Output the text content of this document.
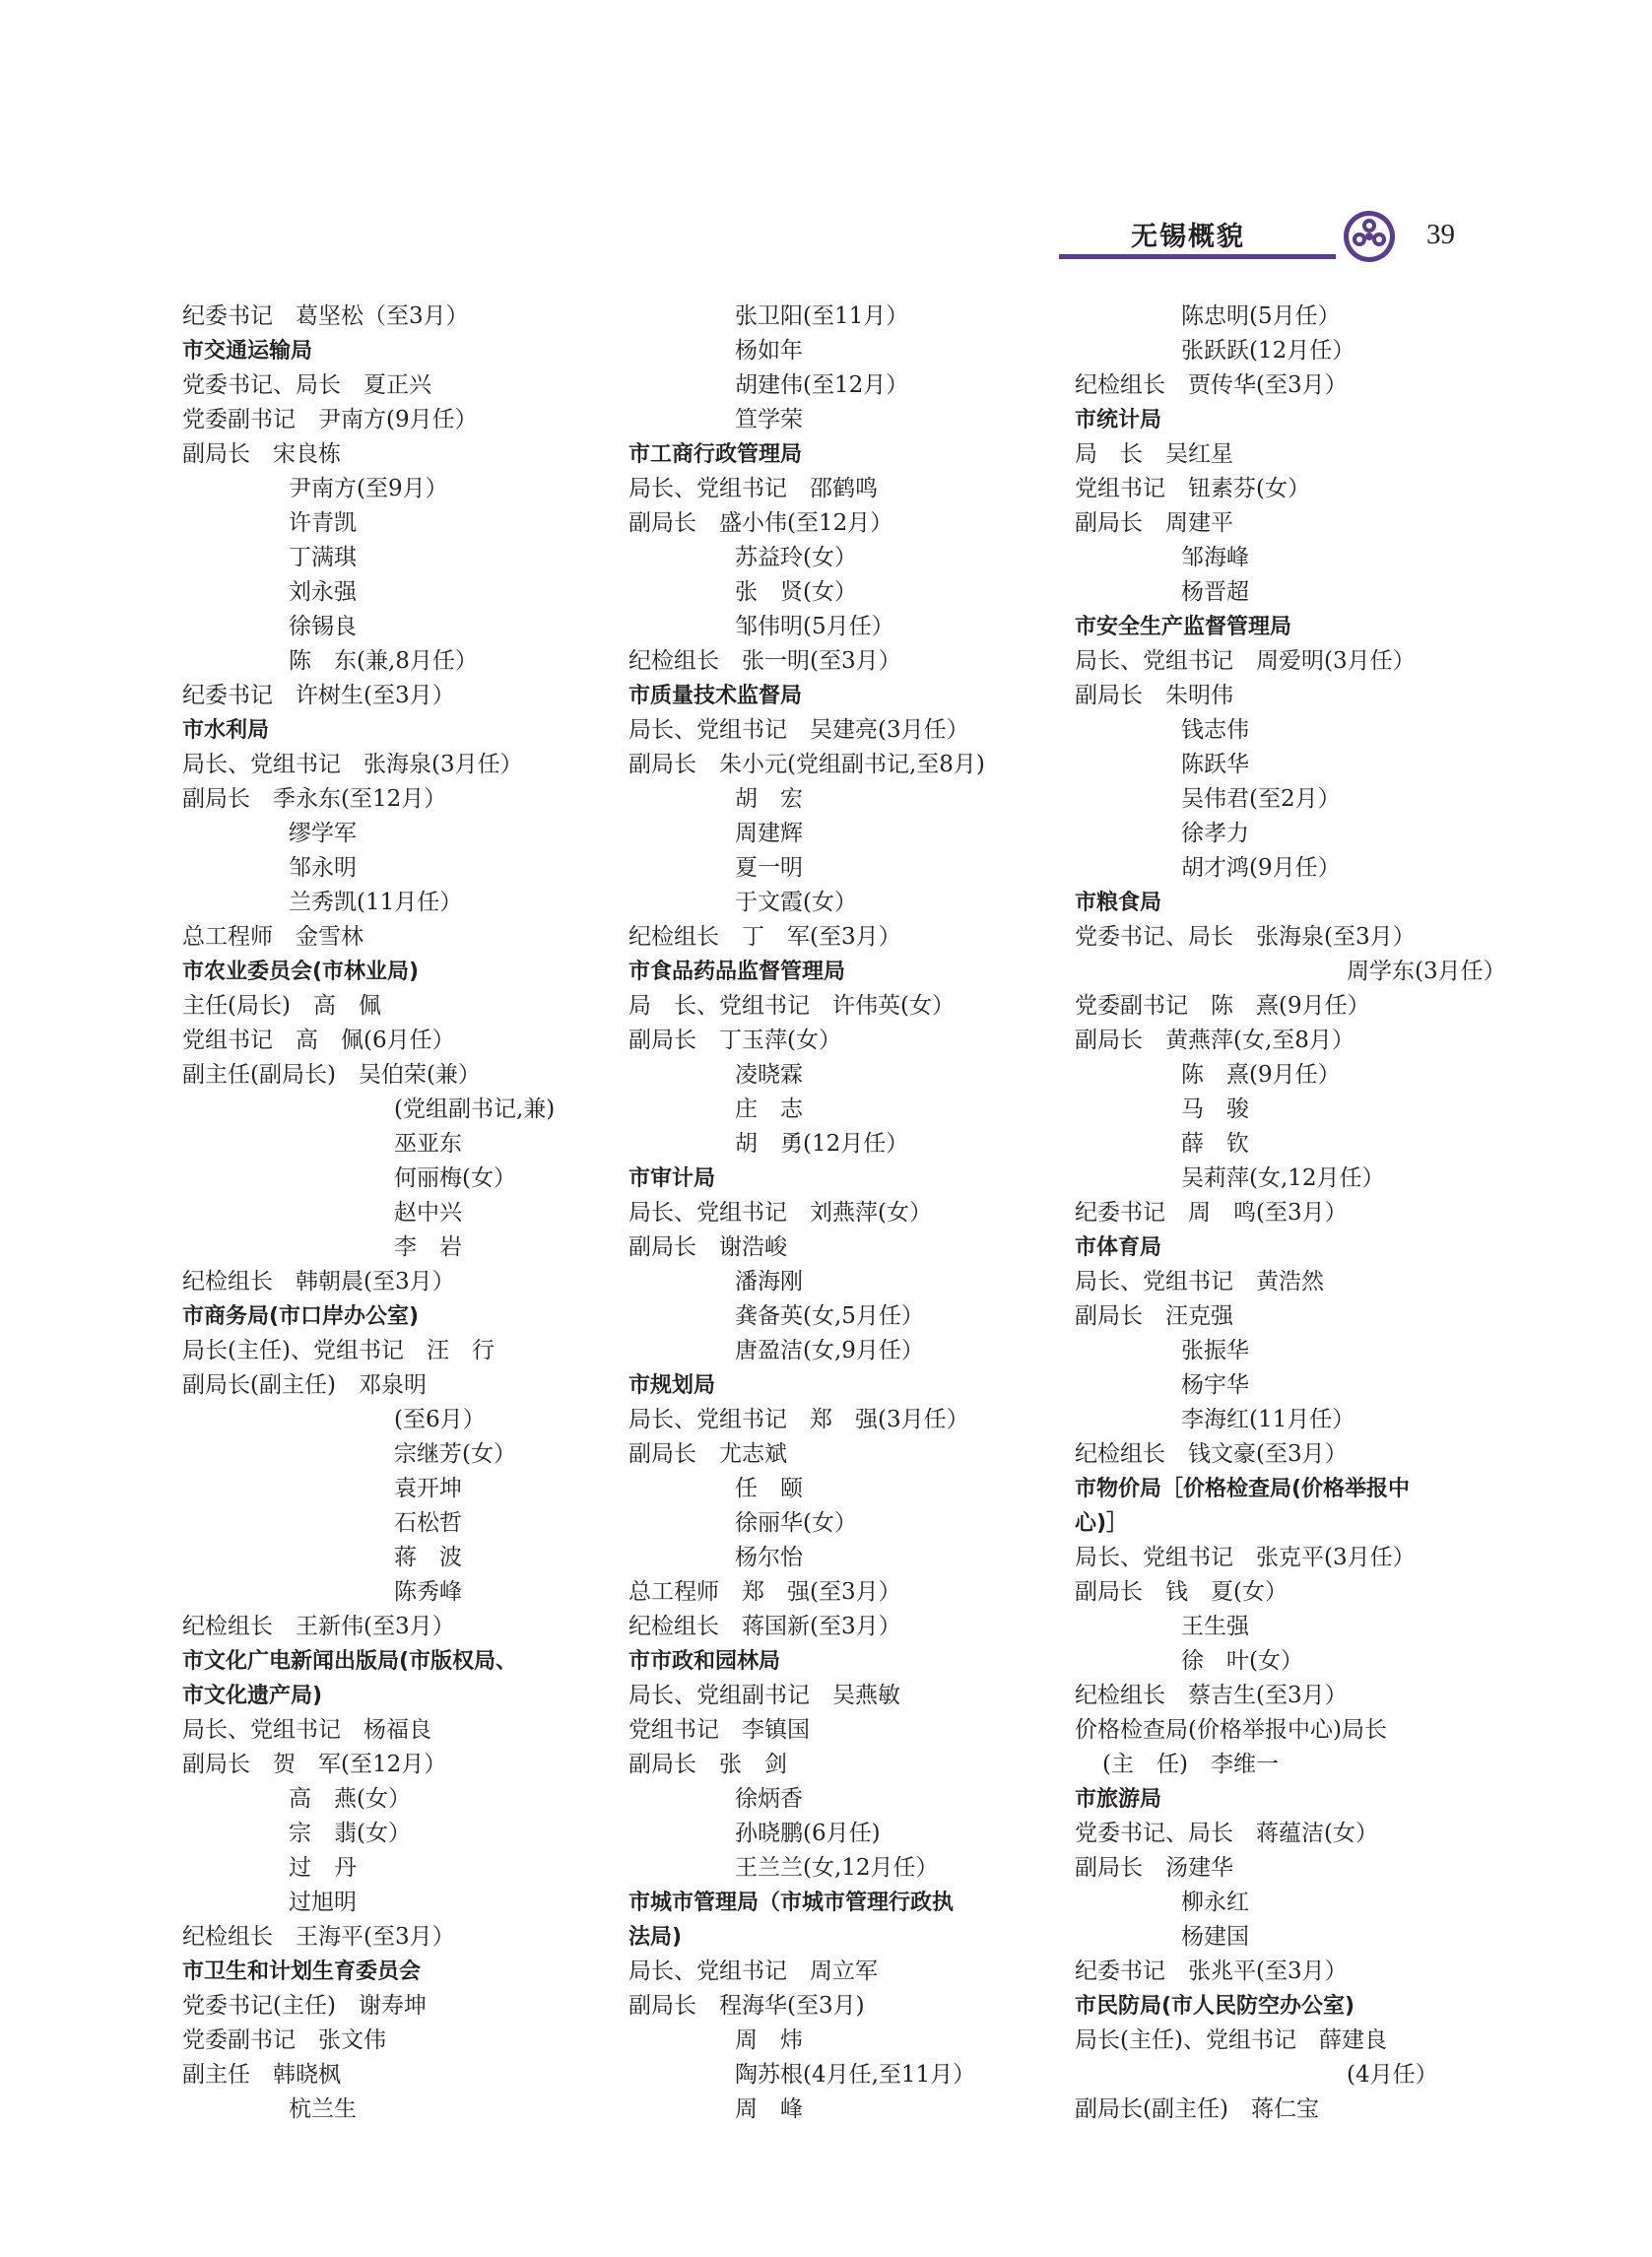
无锡概貌	39
纪委书记　葛坚松（至3月）
市交通运输局
党委书记、局长　夏正兴
党委副书记　尹南方(9月任）
副局长　宋良栋
尹南方(至9月）
许青凯
丁满琪
刘永强
徐锡良
陈　东(兼,8月任）
纪委书记　许树生(至3月）
市水利局
局长、党组书记　张海泉(3月任）
副局长　季永东(至12月）
缪学军
邹永明
兰秀凯(11月任）
总工程师　金雪林
市农业委员会(市林业局)
主任(局长)　高　佩
党组书记　高　佩(6月任）
副主任(副局长)　吴伯荣(兼）
(党组副书记,兼)
巫亚东
何丽梅(女）
赵中兴
李　岩
纪检组长　韩朝晨(至3月）
市商务局(市口岸办公室)
局长(主任)、党组书记　汪　行
副局长(副主任)　邓泉明
(至6月）
宗继芳(女）
袁开坤
石松哲
蒋　波
陈秀峰
纪检组长　王新伟(至3月）
市文化广电新闻出版局(市版权局、
市文化遗产局)
局长、党组书记　杨福良
副局长　贺　军(至12月）
高　燕(女）
宗　翡(女）
过　丹
过旭明
纪检组长　王海平(至3月）
市卫生和计划生育委员会
党委书记(主任)　谢寿坤
党委副书记　张文伟
副主任　韩晓枫
杭兰生
张卫阳(至11月）
杨如年
胡建伟(至12月）
笪学荣
市工商行政管理局
局长、党组书记　邵鹤鸣
副局长　盛小伟(至12月）
苏益玲(女）
张　贤(女）
邹伟明(5月任）
纪检组长　张一明(至3月）
市质量技术监督局
局长、党组书记　吴建亮(3月任）
副局长　朱小元(党组副书记,至8月)
胡　宏
周建辉
夏一明
于文霞(女）
纪检组长　丁　军(至3月）
市食品药品监督管理局
局　长、党组书记　许伟英(女）
副局长　丁玉萍(女）
凌晓霖
庄　志
胡　勇(12月任）
市审计局
局长、党组书记　刘燕萍(女）
副局长　谢浩峻
潘海刚
龚备英(女,5月任）
唐盈洁(女,9月任）
市规划局
局长、党组书记　郑　强(3月任）
副局长　尤志斌
任　颐
徐丽华(女）
杨尔怡
总工程师　郑　强(至3月）
纪检组长　蒋国新(至3月）
市市政和园林局
局长、党组副书记　吴燕敏
党组书记　李镇国
副局长　张　剑
徐炳香
孙晓鹏(6月任)
王兰兰(女,12月任）
市城市管理局（市城市管理行政执
法局)
局长、党组书记　周立军
副局长　程海华(至3月)
周　炜
陶苏根(4月任,至11月）
周　峰
陈忠明(5月任）
张跃跃(12月任）
纪检组长　贾传华(至3月）
市统计局
局　长　吴红星
党组书记　钮素芬(女）
副局长　周建平
邹海峰
杨晋超
市安全生产监督管理局
局长、党组书记　周爱明(3月任）
副局长　朱明伟
钱志伟
陈跃华
吴伟君(至2月）
徐孝力
胡才鸿(9月任）
市粮食局
党委书记、局长　张海泉(至3月）
周学东(3月任）
党委副书记　陈　熹(9月任）
副局长　黄燕萍(女,至8月）
陈　熹(9月任）
马　骏
薛　钦
吴莉萍(女,12月任）
纪委书记　周　鸣(至3月）
市体育局
局长、党组书记　黄浩然
副局长　汪克强
张振华
杨宇华
李海红(11月任）
纪检组长　钱文豪(至3月）
市物价局［价格检查局(价格举报中
心)］
局长、党组书记　张克平(3月任）
副局长　钱　夏(女）
王生强
徐　叶(女）
纪检组长　蔡吉生(至3月）
价格检查局(价格举报中心)局长
(主　任)　李维一
市旅游局
党委书记、局长　蒋蕴洁(女）
副局长　汤建华
柳永红
杨建国
纪委书记　张兆平(至3月）
市民防局(市人民防空办公室)
局长(主任)、党组书记　薛建良
(4月任）
副局长(副主任)　蒋仁宝
